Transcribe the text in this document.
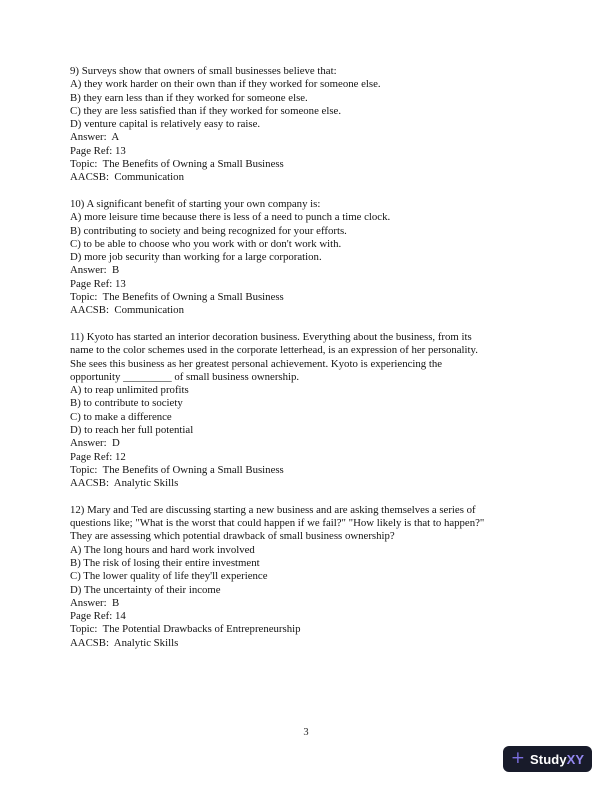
9) Surveys show that owners of small businesses believe that:
A) they work harder on their own than if they worked for someone else.
B) they earn less than if they worked for someone else.
C) they are less satisfied than if they worked for someone else.
D) venture capital is relatively easy to raise.
Answer:  A
Page Ref: 13
Topic:  The Benefits of Owning a Small Business
AACSB:  Communication
10) A significant benefit of starting your own company is:
A) more leisure time because there is less of a need to punch a time clock.
B) contributing to society and being recognized for your efforts.
C) to be able to choose who you work with or don't work with.
D) more job security than working for a large corporation.
Answer:  B
Page Ref: 13
Topic:  The Benefits of Owning a Small Business
AACSB:  Communication
11) Kyoto has started an interior decoration business. Everything about the business, from its
name to the color schemes used in the corporate letterhead, is an expression of her personality.
She sees this business as her greatest personal achievement. Kyoto is experiencing the
opportunity _________ of small business ownership.
A) to reap unlimited profits
B) to contribute to society
C) to make a difference
D) to reach her full potential
Answer:  D
Page Ref: 12
Topic:  The Benefits of Owning a Small Business
AACSB:  Analytic Skills
12) Mary and Ted are discussing starting a new business and are asking themselves a series of
questions like; "What is the worst that could happen if we fail?" "How likely is that to happen?"
They are assessing which potential drawback of small business ownership?
A) The long hours and hard work involved
B) The risk of losing their entire investment
C) The lower quality of life they'll experience
D) The uncertainty of their income
Answer:  B
Page Ref: 14
Topic:  The Potential Drawbacks of Entrepreneurship
AACSB:  Analytic Skills
3
+ StudyXY
